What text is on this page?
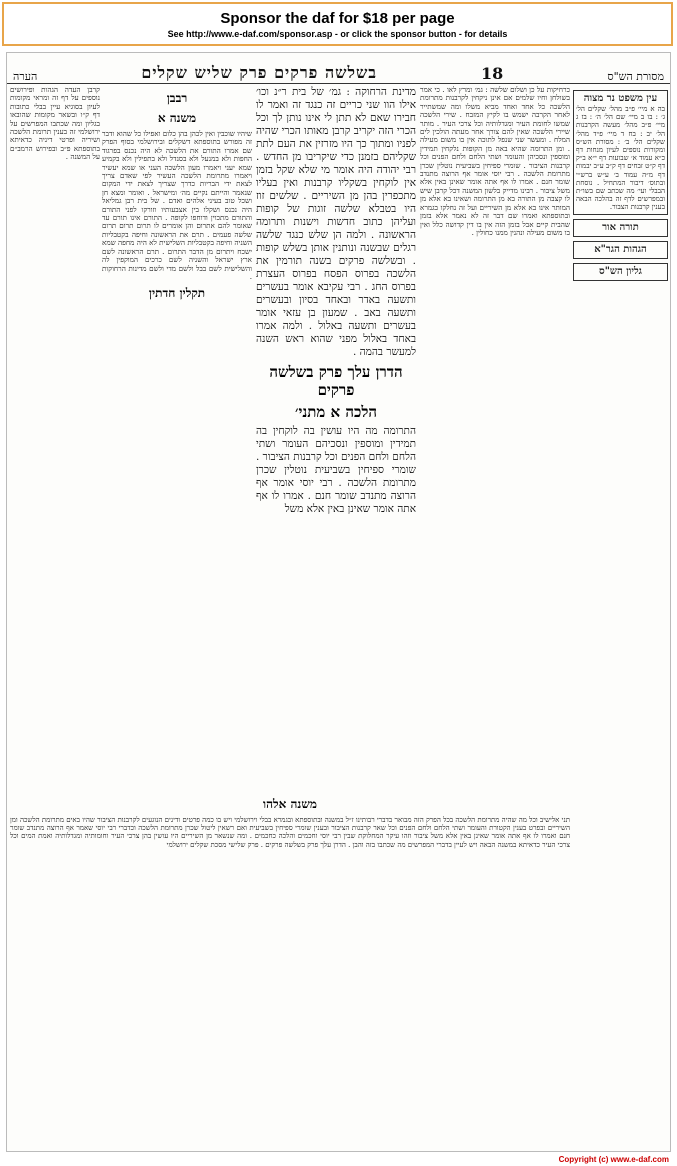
Sponsor the daf for $18 per page
See http://www.e-daf.com/sponsor.asp - or click the sponsor button - for details
מסורת הש"ס
18
בשלשה פרקים פרק שליש שקלים
הערה
עין משפט נר מצוה
בה א מיי׳ פ״ב מהל׳ שקלים הל׳ ג׳ : בו ב מיי׳ שם הל׳ ה׳ : בז ג מיי׳ פ״ב מהל׳ מעשה הקרבנות הל׳ יב : בח ד מיי׳ פ״ד מהל׳ שקלים הל׳ ב׳ : מסורת הש״ס ומקורות נוספים לעיון מנחות דף כ״א עמוד א׳ שבועות דף י״א ב״ק דף ק״ט זבחים דף ק״ב ע״ב יבמות דף מ״ה עמוד ב׳ ע״ש ברש״י ובתוס׳ דיבור המתחיל . נוסחת הבבלי ועי׳ מה שכתב שם בשו״ת ובמפרשים לדף זה בהלכה הבאה בענין קרבנות הצבור.
תורה אור
הגהות הגר"א
גליון הש"ס
כרחיקות על כן ושלום שלשה : גמ׳ ומרץ לאו . כי אמר בשולחן וחיו שלמים אם אינן ניקחין לקרבנות מתרומת הלשכה כל אחד ואחד מביא משלו ומה שמשתייר לאחר הקרבה ישמש בו לקיץ המזבח . שירי הלשכה שמשו לחומת העיר ומגדלותיה וכל צרכי העיר . מותר שיירי הלשכה שאין להם צורך אחר מעתה הולכין לים המלח . ומעשר שני שנפל לתוכה אין בו משום מעילה . ומן התרומה שהיא באה מן הקופות נלקחין תמידין ומוספין ונסכיהן והעומר ושתי הלחם ולחם הפנים וכל קרבנות הציבור . שומרי ספיחין בשביעית נוטלין שכרן מתרומת הלשכה . רבי יוסי אומר אף הרוצה מתנדב שומר חנם . אמרו לו אף אתה אומר שאינן באין אלא משל ציבור . רבינו מדייק בלשון המשנה דכל קרבן שיש לו קצבה מן התורה בא מן התרומה ושאינו בא אלא מן המותר אינו בא אלא מן השיריים ועל זה נחלקו בגמרא ובתוספתא ואמרו שם דבר זה לא נאמר אלא בזמן שהבית קיים אבל בזמן הזה אין בו דין קדושה כלל ואין בו משום מעילה ונהנין ממנו כחולין .
מדינת הרחוקה : גמ׳ של בית ר״נ וכו׳ אילו הוו שני כריים זה כנגד זה ואמר לו חבירו שאם לא תתן לי אינו נותן לך וכל הכרי הזה יקריב קרבן מאותו הכרי שהיה לפניו ומתוך כך היו מזרזין את העם לתת שקליהם בזמנן כדי שיקריבו מן החדש . רבי יהודה היה אומר מי שלא שקל בזמן אין לוקחין בשקליו קרבנות ואין בעליו מתכפרין בהן מן השיריים . שלשים זוז היו בטבלא שלשה זוגות של קופות ועליהן כתוב חדשות וישנות ותרומה הראשונה . ולמה הן שלש כנגד שלשה רגלים שבשנה ונותנין אותן בשלש קופות . ובשלשה פרקים בשנה תורמין את הלשכה בפרוס הפסח בפרוס העצרת בפרוס החג . רבי עקיבא אומר בעשרים ותשעה באדר ובאחד בסיון ובעשרים ותשעה באב . שמעון בן עזאי אומר בעשרים ותשעה באלול . ולמה אמרו באחד באלול מפני שהוא ראש השנה למעשר בהמה .
הדרן עלך פרק בשלשה פרקים
הלכה א מתני׳
התרומה מה היו עושין בה לוקחין בה תמידין ומוספין ונסכיהם העומר ושתי הלחם ולחם הפנים וכל קרבנות הציבור . שומרי ספיחין בשביעית נוטלין שכרן מתרומת הלשכה . רבי יוסי אומר אף הרוצה מתנדב שומר חנם . אמרו לו אף אתה אומר שאינן באין אלא משל
רבבן
משנה א
שיהיו שוכבין ואין לכהן בהן כלום ואפילו כל שהוא ודבר זה מפורש בתוספתא דשקלים ובירושלמי בסוף הפרק שם אמרו התורם את הלשכה לא היה נכנס בפרגוד החפות ולא במנעל ולא בסנדל ולא בתפילין ולא בקמיע שמא יעני ויאמרו מעון הלשכה העני או שמא יעשיר ויאמרו מתרומת הלשכה העשיר לפי שאדם צריך לצאת ידי הבריות כדרך שצריך לצאת ידי המקום שנאמר והייתם נקיים מה׳ ומישראל . ואומר ומצא חן ושכל טוב בעיני אלהים ואדם . של בית רבן גמליאל היה נכנס ושקלו בין אצבעותיו וזורקו לפני התורם והתורם מתכוין ודוחפו לקופה . התורם אינו תורם עד שאומר להם אתרום והן אומרים לו תרום תרום תרום שלשה פעמים . תרם את הראשונה וחיפה בקטבליות השניה וחיפה בקטבליות השלישית לא היה מחפה שמא ישכח ויתרום מן הדבר התרום . תרם הראשונה לשם ארץ ישראל והשניה לשם כרכים המוקפין לה והשלישית לשם בבל ולשם מדי ולשם מדינות הרחוקות .
תקלין חדתין
קרבן העדה הגהות ופירושים נוספים על דף זה ומראי מקומות לעיון בסוגיא עיין בבלי כתובות דף ק״ו ובשאר מקומות שהובאו בגליון ומה שכתבו המפרשים על ירושלמי זה בענין תרומת הלשכה ושיריה ופרטי דיניה כדאיתא בתוספתא פ״ב ובפירוש הרמב״ם על המשנה .
משנה אלהו
תני אלישיב וכל מה שהיה מתרומת הלשכה בכל הפרק הזה מבואר בדברי רבותינו ז״ל במשנה ובתוספתא ובגמרא בבלי וירושלמי ויש בו כמה פרטים ודינים הנוגעים לקרבנות הציבור שהיו באים מתרומת הלשכה ומן השיריים ובפרט בענין הקטורת והעומר ושתי הלחם ולחם הפנים וכל שאר קרבנות הציבור ובענין שומרי ספיחין בשביעית ואם רשאין ליטול שכרן מתרומת הלשכה וכדברי רבי יוסי שאמר אף הרוצה מתנדב שומר חנם ואמרו לו אף אתה אומר שאינן באין אלא משל ציבור וזהו עיקר המחלוקת שבין רבי יוסי וחכמים והלכה כחכמים . ומה שנשאר מן השיריים היו עושין בהן צרכי העיר וחומותיה ומגדלותיה ואמת המים וכל צרכי העיר כדאיתא במשנה הבאה ויש לעיין בדברי המפרשים מה שכתבו בזה והבן . הדרן עלך פרק בשלשה פרקים . פרק שלישי מסכת שקלים ירושלמי
Copyright (c) www.e-daf.com
